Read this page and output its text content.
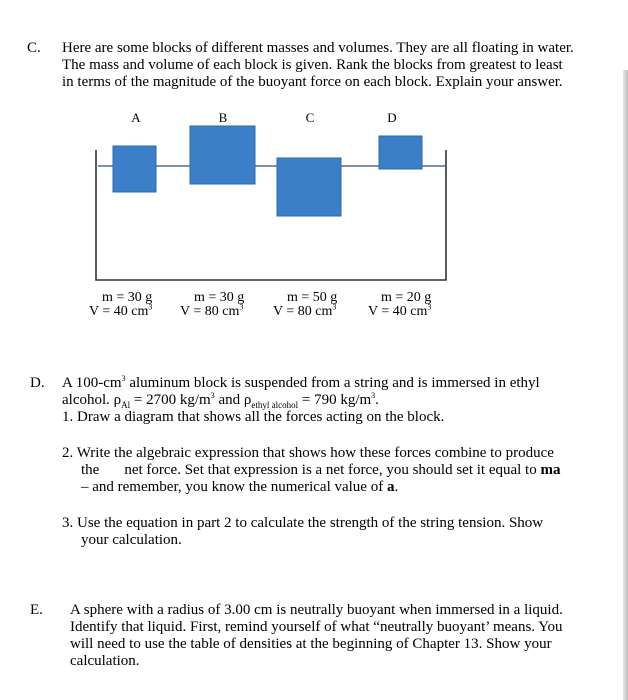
C. Here are some blocks of different masses and volumes. They are all floating in water.
The mass and volume of each block is given. Rank the blocks from greatest to least
in terms of the magnitude of the buoyant force on each block. Explain your answer.
A	B	C	D
m = 30 g
V = 40 $cm^3$
m = 30 g
V = 80 $cm^3$
m = 50 g
V = 80 $cm^3$
m = 20 g
V = 40 $cm^3$
D. A $100-cm^3$ aluminum block is suspended from a string and is immersed in ethyl
alcohol. $\rho_{Al} = 2700$ $kg/m^3$ and $\rho_{ethyl alcohol} = 790$ $kg/m^3$.
1. Draw a diagram that shows all the forces acting on the block.
2. Write the algebraic expression that shows how these forces combine to produce
the net force. Set that expression is a net force, you should set it equal to ma
– and remember, you know the numerical value of a.
3. Use the equation in part 2 to calculate the strength of the string tension. Show
your calculation.
E. A sphere with a radius of 3.00 cm is neutrally buoyant when immersed in a liquid.
Identify that liquid. First, remind yourself of what “neutrally buoyant’ means. You
will need to use the table of densities at the beginning of Chapter 13. Show your
calculation.
